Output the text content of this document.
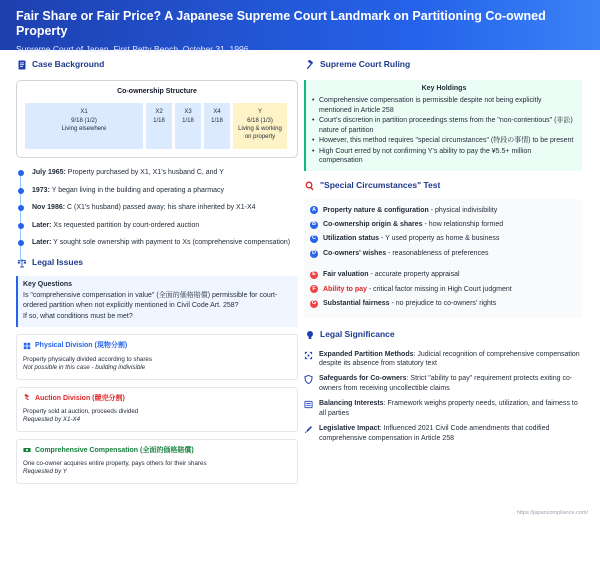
Fair Share or Fair Price? A Japanese Supreme Court Landmark on Partitioning Co-owned Property
Supreme Court of Japan, First Petty Bench, October 31, 1996
Case Background
Co-ownership Structure
X1
9/18 (1/2)
Living elsewhere
X2
1/18
X3
1/18
X4
1/18
Y
6/18 (1/3)
Living & working on property
July 1965: Property purchased by X1, X1's husband C, and Y
1973: Y began living in the building and operating a pharmacy
Nov 1986: C (X1's husband) passed away; his share inherited by X1-X4
Later: Xs requested partition by court-ordered auction
Later: Y sought sole ownership with payment to Xs (comprehensive compensation)
Legal Issues
Key Questions

Is "comprehensive compensation in value" (全面的価格賠償) permissible for court-ordered partition when not explicitly mentioned in Civil Code Art. 258?

If so, what conditions must be met?

Physical Division (現物分割)
Property physically divided according to shares
Not possible in this case - building indivisible
Auction Division (競売分割)
Property sold at auction, proceeds divided
Requested by X1-X4
Comprehensive Compensation (全面的価格賠償)
One co-owner acquires entire property, pays others for their shares
Requested by Y
Supreme Court Ruling
Key Holdings
• Comprehensive compensation is permissible despite not being explicitly mentioned in Article 258
• Court's discretion in partition proceedings stems from the "non-contentious" (非訟) nature of partition
• However, this method requires "special circumstances" (特段の事情) to be present
• High Court erred by not confirming Y's ability to pay the ¥5.5+ million compensation
"Special Circumstances" Test
A Property nature & configuration - physical indivisibility
B Co-ownership origin & shares - how relationship formed
C Utilization status - Y used property as home & business
D Co-owners' wishes - reasonableness of preferences
E	Fair valuation - accurate property appraisal
F	Ability to pay - critical factor missing in High Court judgment
G Substantial fairness - no prejudice to co-owners' rights
Legal Significance
Expanded Partition Methods: Judicial recognition of comprehensive compensation despite its absence from statutory text
Safeguards for Co-owners: Strict "ability to pay" requirement protects exiting co-owners from receiving uncollectible claims
Balancing Interests: Framework weighs property needs, utilization, and fairness to all parties
Legislative Impact: Influenced 2021 Civil Code amendments that codified comprehensive compensation in Article 258
https://japancompliance.com/
